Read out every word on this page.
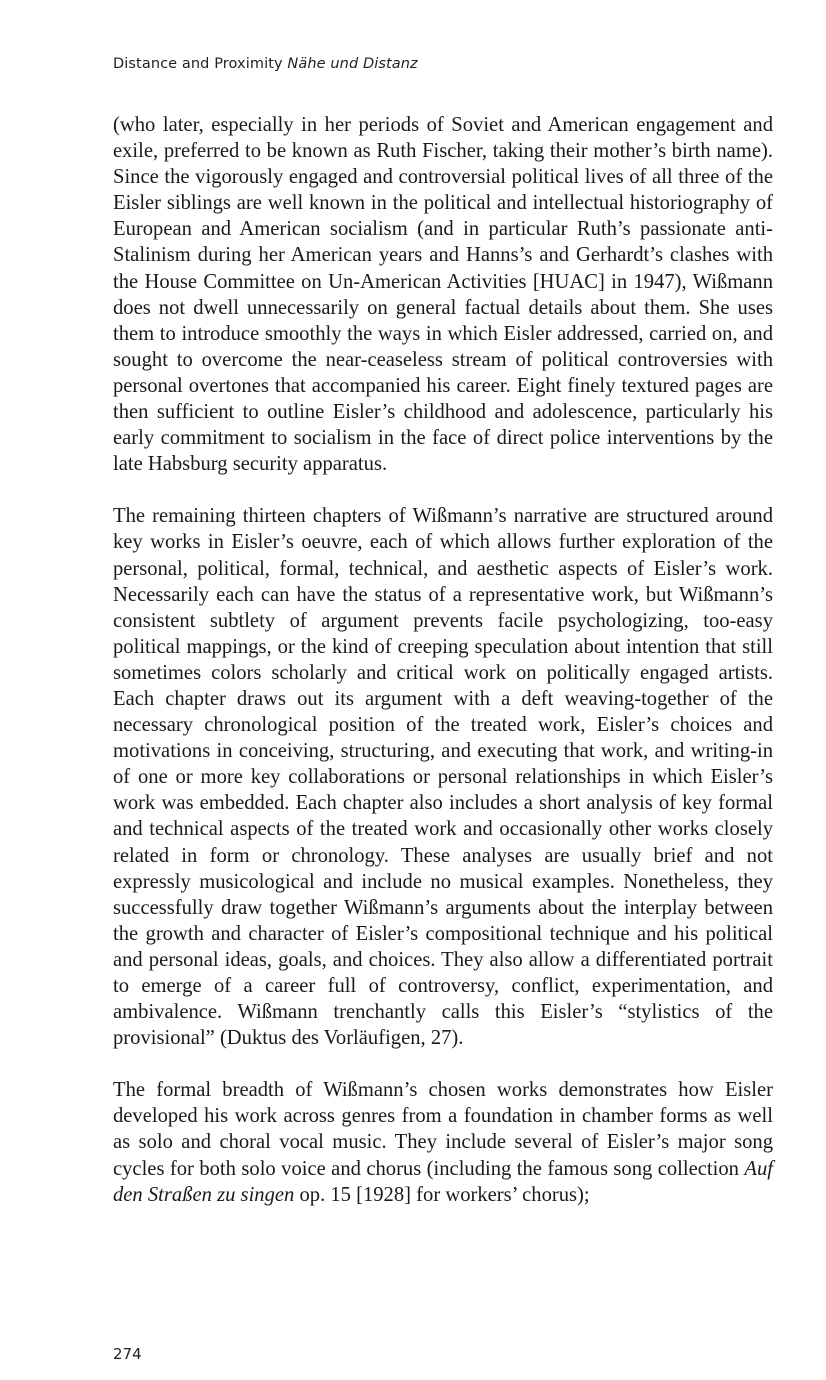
Distance and Proximity Nähe und Distanz

(who later, especially in her periods of Soviet and American engagement and exile, preferred to be known as Ruth Fischer, taking their mother’s birth name). Since the vigorously engaged and controversial political lives of all three of the Eisler siblings are well known in the political and intellectual historiography of European and American socialism (and in particular Ruth’s passionate anti-Stalinism during her American years and Hanns’s and Gerhardt’s clashes with the House Committee on Un-American Activities [HUAC] in 1947), Wißmann does not dwell unnecessarily on general factual details about them. She uses them to introduce smoothly the ways in which Eisler addressed, carried on, and sought to overcome the near-ceaseless stream of political controversies with personal overtones that accompanied his career. Eight finely textured pages are then sufficient to outline Eisler’s childhood and adolescence, particularly his early commitment to socialism in the face of direct police interventions by the late Habsburg security apparatus.

The remaining thirteen chapters of Wißmann’s narrative are structured around key works in Eisler’s oeuvre, each of which allows further exploration of the personal, political, formal, technical, and aesthetic aspects of Eisler’s work. Necessarily each can have the status of a representative work, but Wißmann’s consistent subtlety of argument prevents facile psychologizing, too-easy political mappings, or the kind of creeping speculation about intention that still sometimes colors scholarly and critical work on politically engaged artists. Each chapter draws out its argument with a deft weaving-together of the necessary chronological position of the treated work, Eisler’s choices and motivations in conceiving, structuring, and executing that work, and writing-in of one or more key collaborations or personal relationships in which Eisler’s work was embedded. Each chapter also includes a short analysis of key formal and technical aspects of the treated work and occasionally other works closely related in form or chronology. These analyses are usually brief and not expressly musicological and include no musical examples. Nonetheless, they successfully draw together Wißmann’s arguments about the interplay between the growth and character of Eisler’s compositional technique and his political and personal ideas, goals, and choices. They also allow a differentiated portrait to emerge of a career full of controversy, conflict, experimentation, and ambivalence. Wißmann trenchantly calls this Eisler’s “stylistics of the provisional” (Duktus des Vorläufigen, 27).

The formal breadth of Wißmann’s chosen works demonstrates how Eisler developed his work across genres from a foundation in chamber forms as well as solo and choral vocal music. They include several of Eisler’s major song cycles for both solo voice and chorus (including the famous song collection Auf den Straßen zu singen op. 15 [1928] for workers’ chorus);

274
